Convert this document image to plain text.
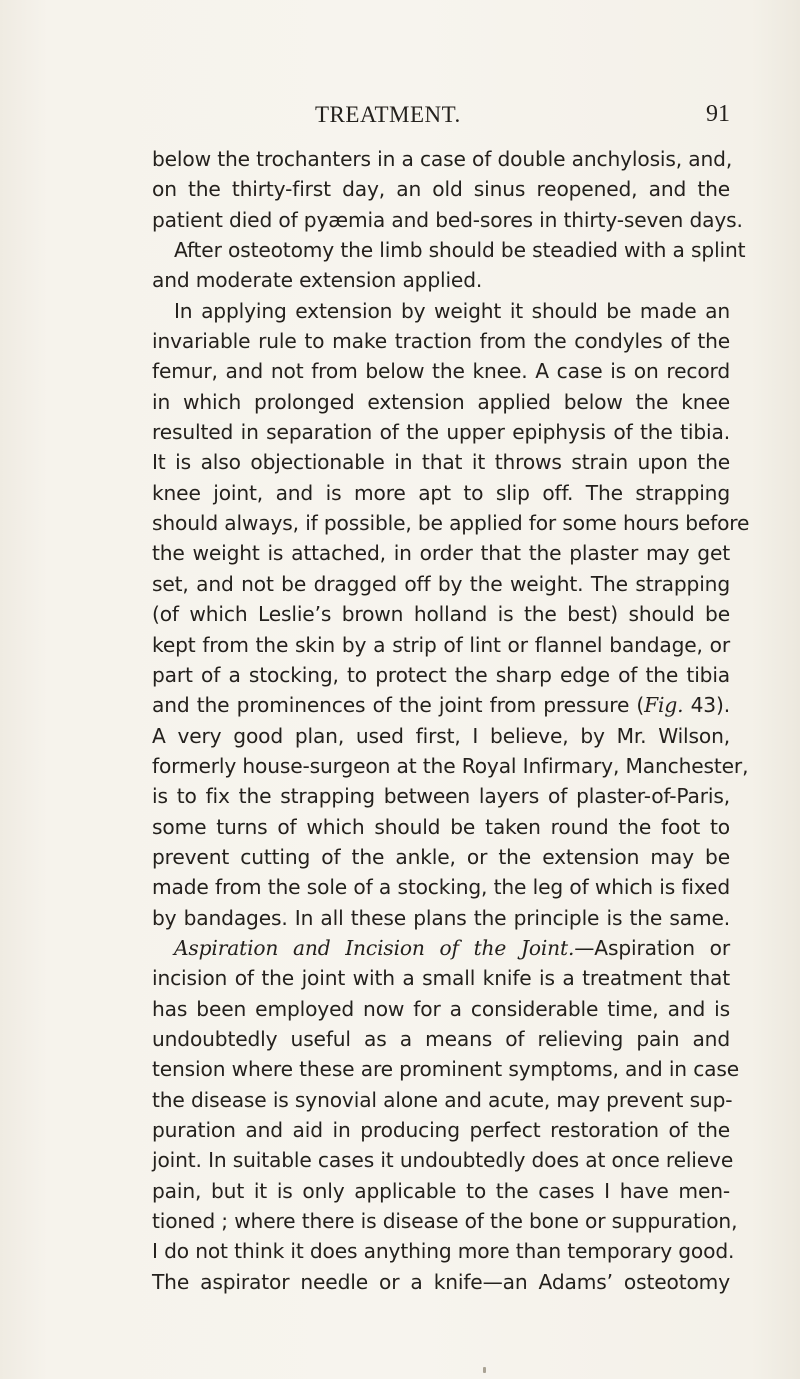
TREATMENT.	91
below the trochanters in a case of double anchylosis, and,
on the thirty-first day, an old sinus reopened, and the
patient died of pyæmia and bed-sores in thirty-seven days.
After osteotomy the limb should be steadied with a splint
and moderate extension applied.
In applying extension by weight it should be made an
invariable rule to make traction from the condyles of the
femur, and not from below the knee. A case is on record
in which prolonged extension applied below the knee
resulted in separation of the upper epiphysis of the tibia.
It is also objectionable in that it throws strain upon the
knee joint, and is more apt to slip off. The strapping
should always, if possible, be applied for some hours before
the weight is attached, in order that the plaster may get
set, and not be dragged off by the weight. The strapping
(of which Leslie’s brown holland is the best) should be
kept from the skin by a strip of lint or flannel bandage, or
part of a stocking, to protect the sharp edge of the tibia
and the prominences of the joint from pressure (Fig. 43).
A very good plan, used first, I believe, by Mr. Wilson,
formerly house-surgeon at the Royal Infirmary, Manchester,
is to fix the strapping between layers of plaster-of-Paris,
some turns of which should be taken round the foot to
prevent cutting of the ankle, or the extension may be
made from the sole of a stocking, the leg of which is fixed
by bandages. In all these plans the principle is the same.
Aspiration and Incision of the Joint.—Aspiration or
incision of the joint with a small knife is a treatment that
has been employed now for a considerable time, and is
undoubtedly useful as a means of relieving pain and
tension where these are prominent symptoms, and in case
the disease is synovial alone and acute, may prevent sup-
puration and aid in producing perfect restoration of the
joint. In suitable cases it undoubtedly does at once relieve
pain, but it is only applicable to the cases I have men-
tioned ; where there is disease of the bone or suppuration,
I do not think it does anything more than temporary good.
The aspirator needle or a knife—an Adams’ osteotomy
